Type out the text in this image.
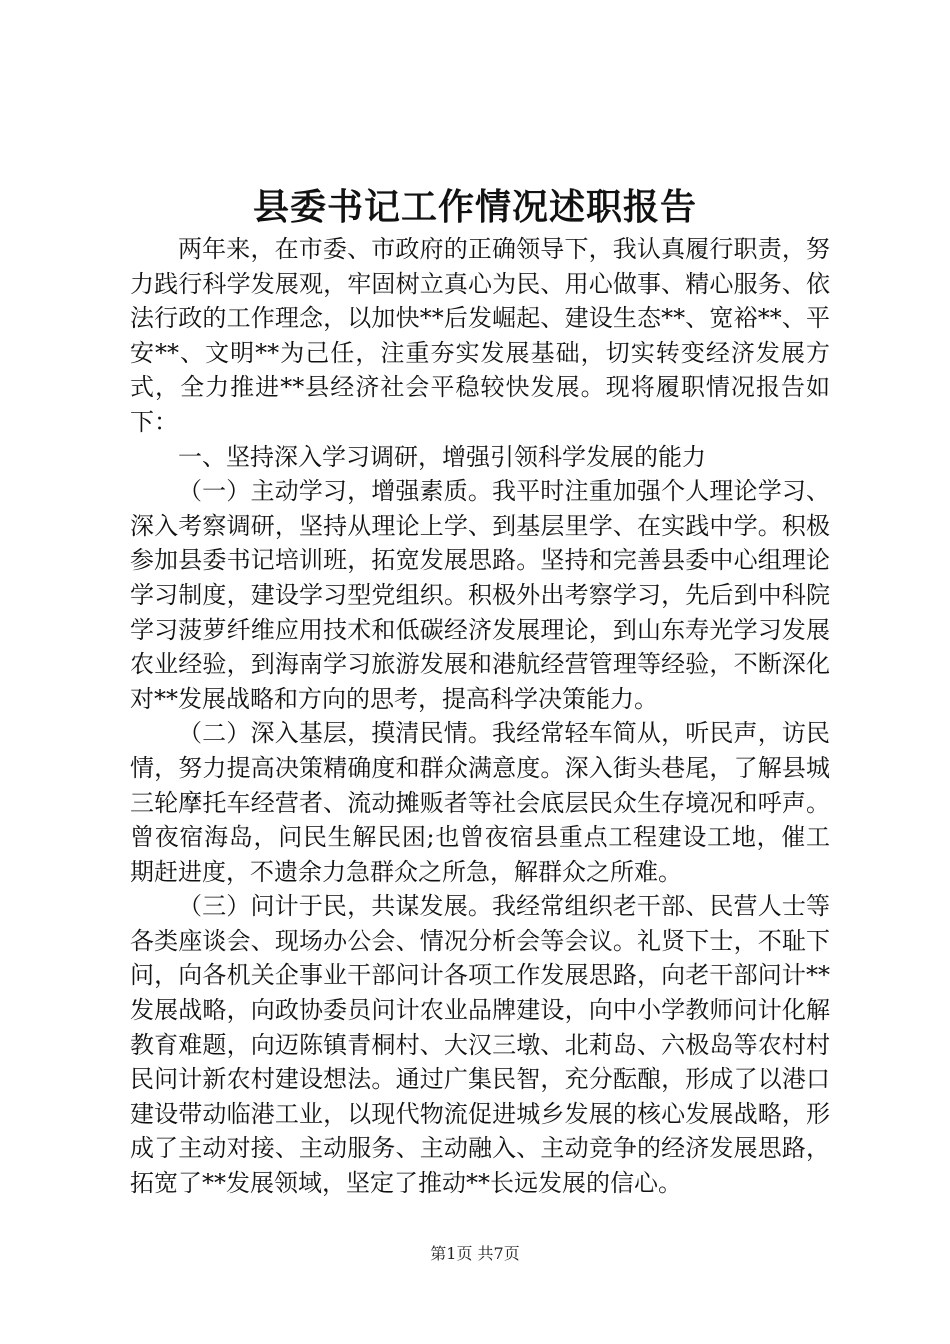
县委书记工作情况述职报告

两年来，在市委、市政府的正确领导下，我认真履行职责，努力践行科学发展观，牢固树立真心为民、用心做事、精心服务、依法行政的工作理念，以加快**后发崛起、建设生态**、宽裕**、平安**、文明**为己任，注重夯实发展基础，切实转变经济发展方式，全力推进**县经济社会平稳较快发展。现将履职情况报告如下：

一、坚持深入学习调研，增强引领科学发展的能力

（一）主动学习，增强素质。我平时注重加强个人理论学习、深入考察调研，坚持从理论上学、到基层里学、在实践中学。积极参加县委书记培训班，拓宽发展思路。坚持和完善县委中心组理论学习制度，建设学习型党组织。积极外出考察学习，先后到中科院学习菠萝纤维应用技术和低碳经济发展理论，到山东寿光学习发展农业经验，到海南学习旅游发展和港航经营管理等经验，不断深化对**发展战略和方向的思考，提高科学决策能力。

（二）深入基层，摸清民情。我经常轻车简从，听民声，访民情，努力提高决策精确度和群众满意度。深入街头巷尾，了解县城三轮摩托车经营者、流动摊贩者等社会底层民众生存境况和呼声。曾夜宿海岛，问民生解民困;也曾夜宿县重点工程建设工地，催工期赶进度，不遗余力急群众之所急，解群众之所难。

（三）问计于民，共谋发展。我经常组织老干部、民营人士等各类座谈会、现场办公会、情况分析会等会议。礼贤下士，不耻下问，向各机关企事业干部问计各项工作发展思路，向老干部问计**发展战略，向政协委员问计农业品牌建设，向中小学教师问计化解教育难题，向迈陈镇青桐村、大汉三墩、北莉岛、六极岛等农村村民问计新农村建设想法。通过广集民智，充分酝酿，形成了以港口建设带动临港工业，以现代物流促进城乡发展的核心发展战略，形成了主动对接、主动服务、主动融入、主动竞争的经济发展思路，拓宽了**发展领域，坚定了推动**长远发展的信心。

第1页 共7页
